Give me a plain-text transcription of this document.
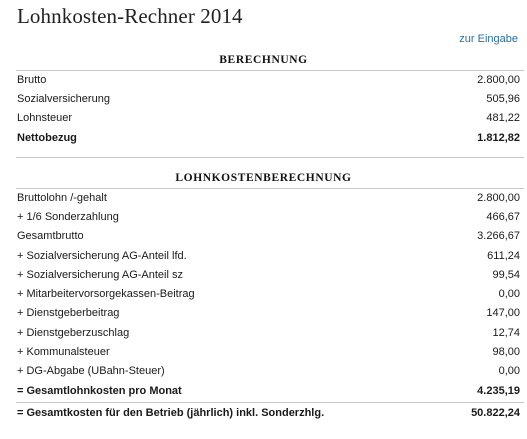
Lohnkosten-Rechner 2014
zur Eingabe
BERECHNUNG
Brutto	2.800,00
Sozialversicherung	505,96
Lohnsteuer	481,22
Nettobezug	1.812,82
LOHNKOSTENBERECHNUNG
Bruttolohn /-gehalt	2.800,00
+ 1/6 Sonderzahlung	466,67
Gesamtbrutto	3.266,67
+ Sozialversicherung AG-Anteil lfd.	611,24
+ Sozialversicherung AG-Anteil sz	99,54
+ Mitarbeitervorsorgekassen-Beitrag	0,00
+ Dienstgeberbeitrag	147,00
+ Dienstgeberzuschlag	12,74
+ Kommunalsteuer	98,00
+ DG-Abgabe (UBahn-Steuer)	0,00
= Gesamtlohnkosten pro Monat	4.235,19
= Gesamtkosten für den Betrieb (jährlich) inkl. Sonderzhlg.	50.822,24
